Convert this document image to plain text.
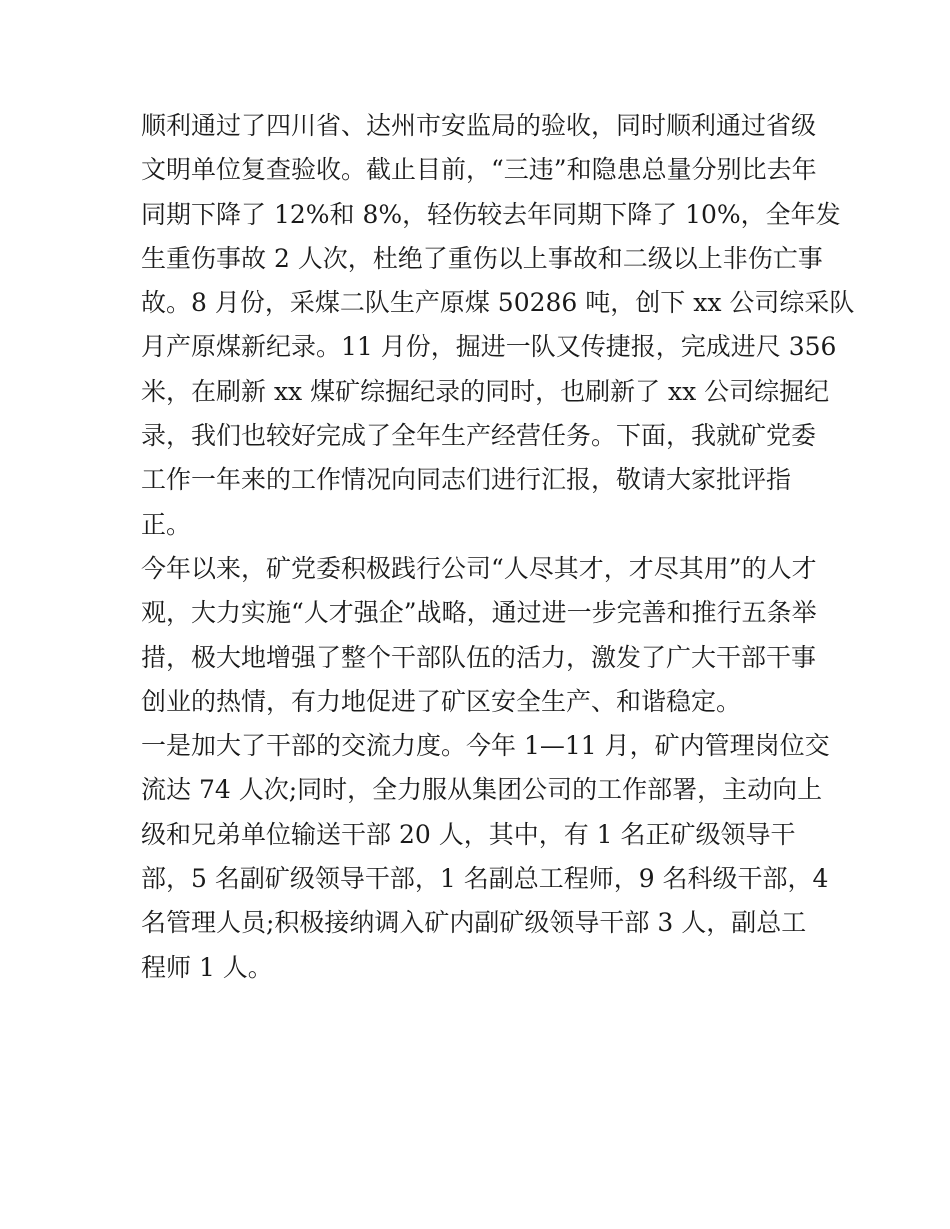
顺利通过了四川省、达州市安监局的验收，同时顺利通过省级
文明单位复查验收。截止目前，“三违”和隐患总量分别比去年
同期下降了 12%和 8%，轻伤较去年同期下降了 10%，全年发
生重伤事故 2 人次，杜绝了重伤以上事故和二级以上非伤亡事
故。8 月份，采煤二队生产原煤 50286 吨，创下 xx 公司综采队
月产原煤新纪录。11 月份，掘进一队又传捷报，完成进尺 356
米，在刷新 xx 煤矿综掘纪录的同时，也刷新了 xx 公司综掘纪
录，我们也较好完成了全年生产经营任务。下面，我就矿党委
工作一年来的工作情况向同志们进行汇报，敬请大家批评指
正。
今年以来，矿党委积极践行公司“人尽其才，才尽其用”的人才
观，大力实施“人才强企”战略，通过进一步完善和推行五条举
措，极大地增强了整个干部队伍的活力，激发了广大干部干事
创业的热情，有力地促进了矿区安全生产、和谐稳定。
一是加大了干部的交流力度。今年 1—11 月，矿内管理岗位交
流达 74 人次;同时，全力服从集团公司的工作部署，主动向上
级和兄弟单位输送干部 20 人，其中，有 1 名正矿级领导干
部，5 名副矿级领导干部，1 名副总工程师，9 名科级干部，4
名管理人员;积极接纳调入矿内副矿级领导干部 3 人，副总工
程师 1 人。
